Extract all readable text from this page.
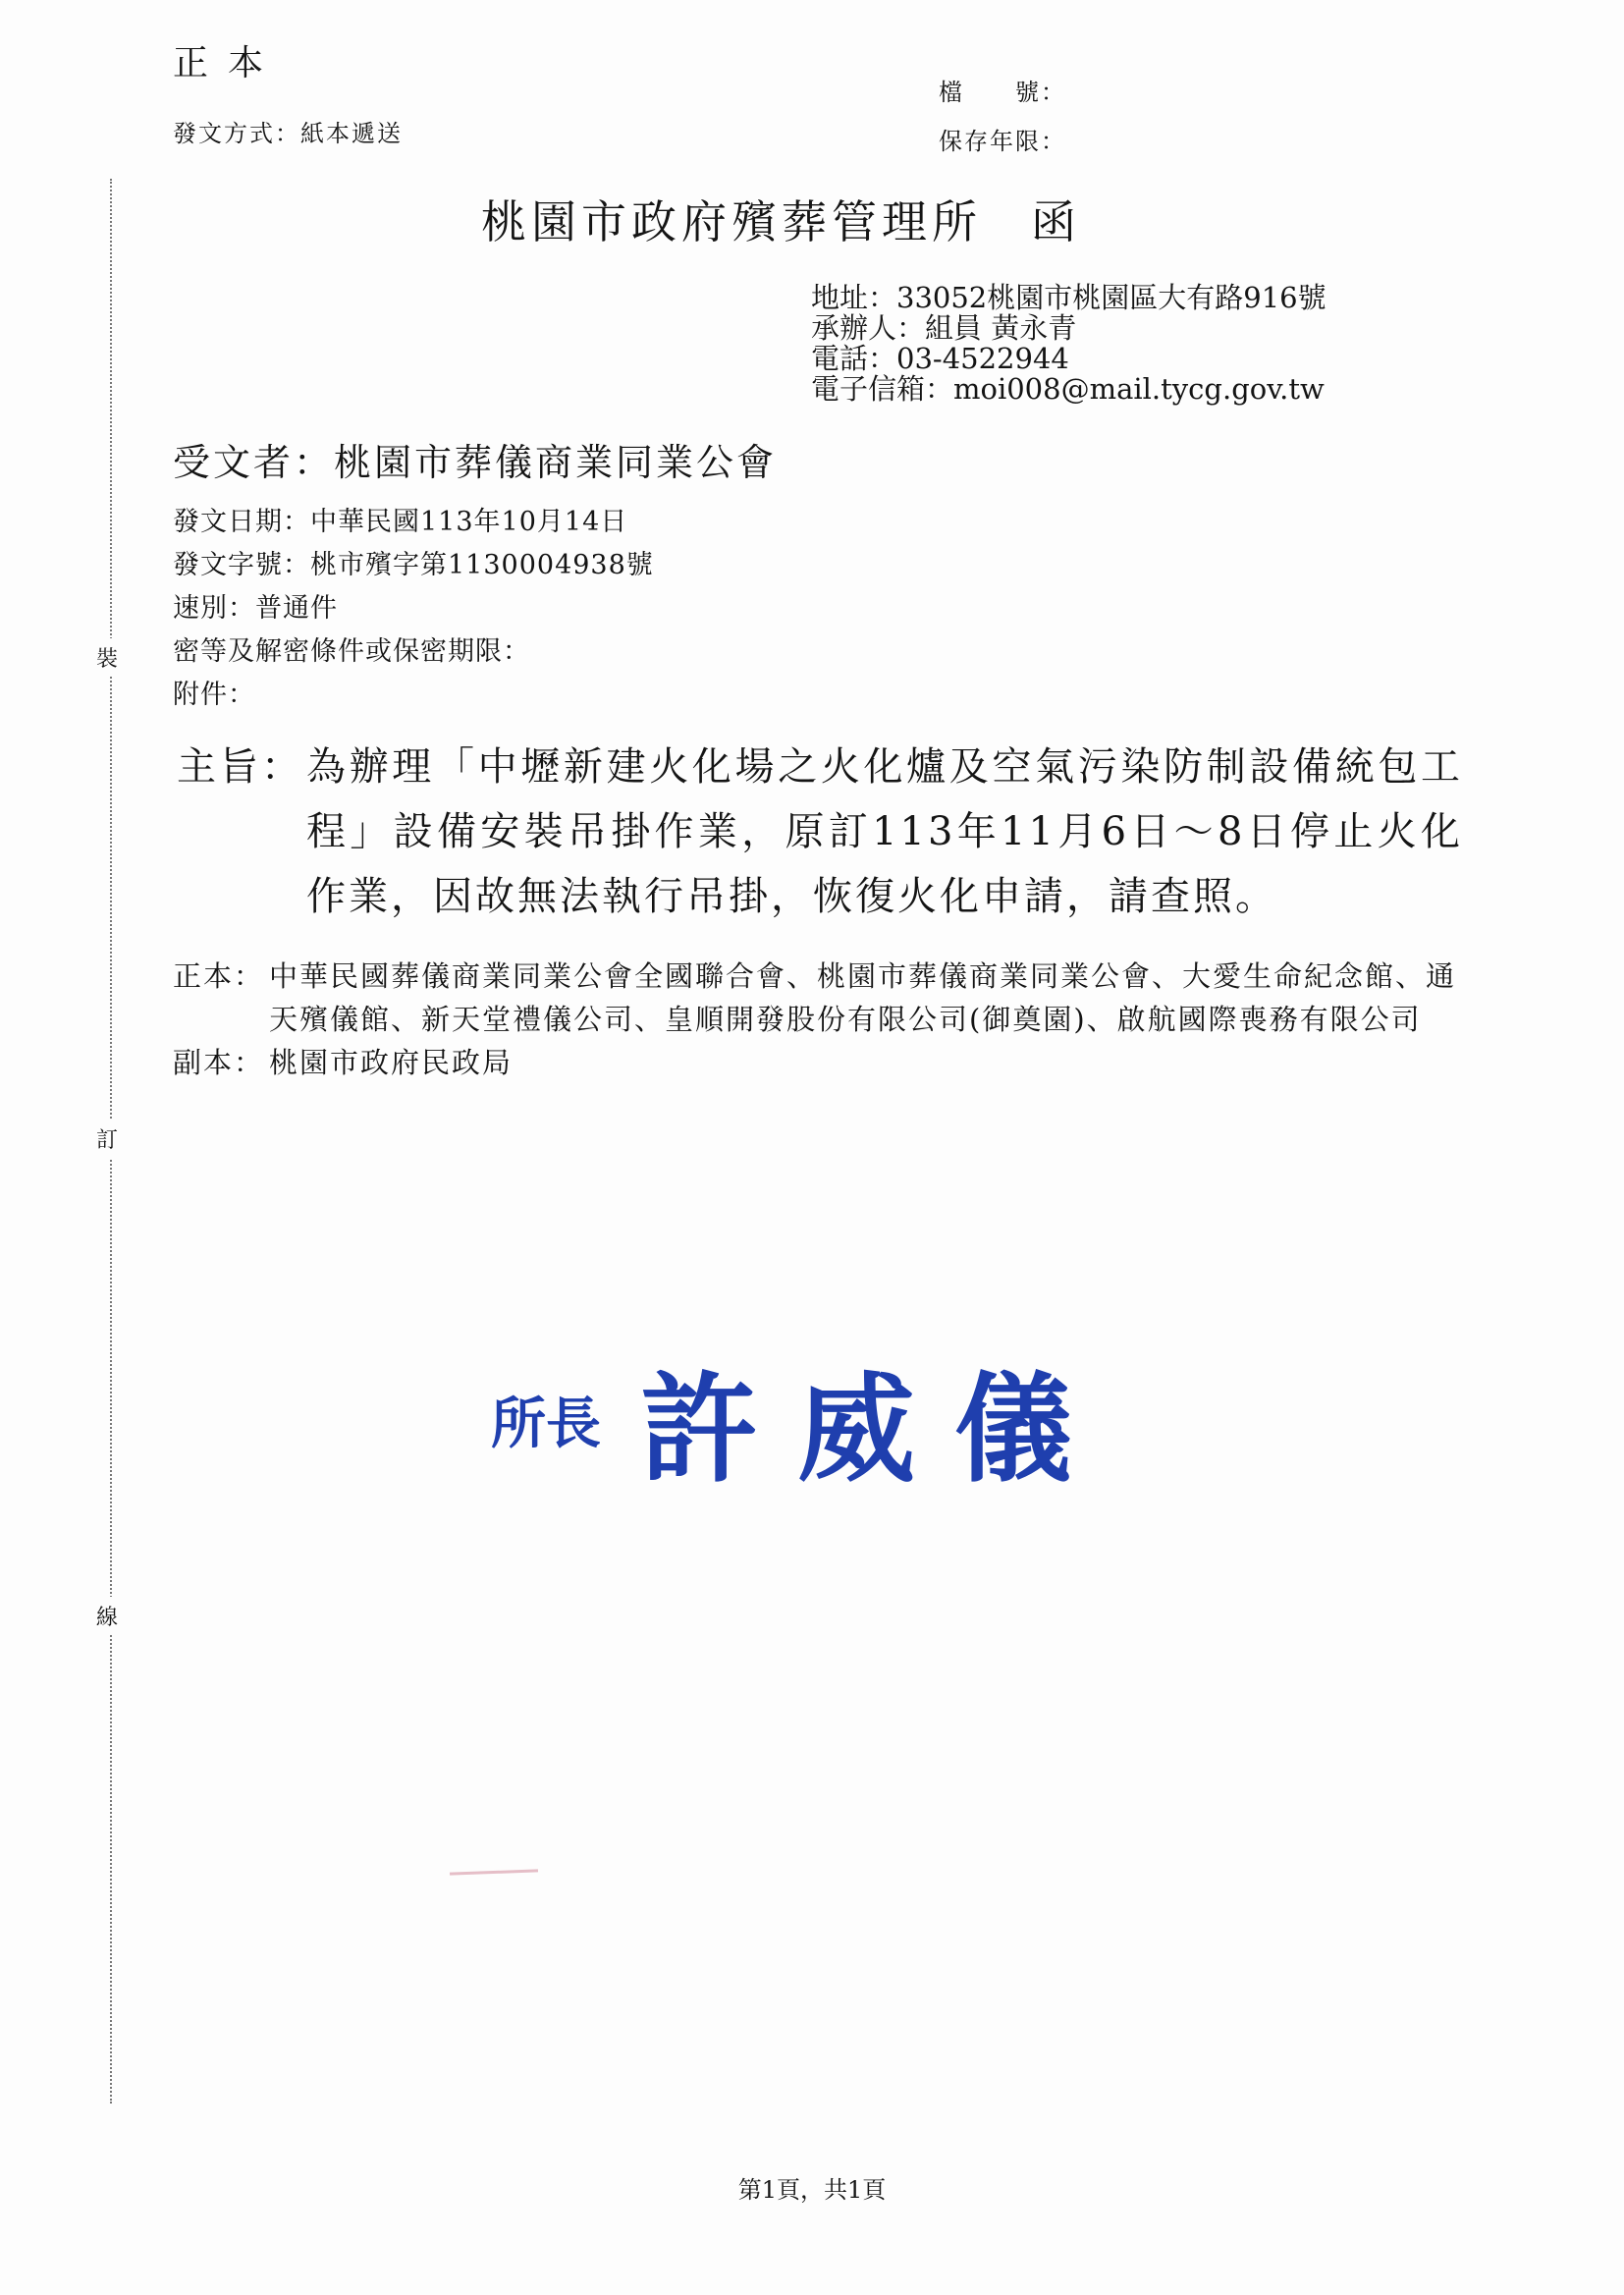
正本
發文方式：紙本遞送
檔　　號：
保存年限：
裝
訂
線
桃園市政府殯葬管理所 函
地址：33052桃園市桃園區大有路916號
承辦人：組員 黃永青
電話：03-4522944
電子信箱：moi008@mail.tycg.gov.tw
受文者：桃園市葬儀商業同業公會
發文日期：中華民國113年10月14日
發文字號：桃市殯字第1130004938號
速別：普通件
密等及解密條件或保密期限：
附件：
主旨： 為辦理「中壢新建火化場之火化爐及空氣污染防制設備統包工程」設備安裝吊掛作業，原訂113年11月6日～8日停止火化作業，因故無法執行吊掛，恢復火化申請，請查照。
正本： 中華民國葬儀商業同業公會全國聯合會、桃園市葬儀商業同業公會、大愛生命紀念館、通天殯儀館、新天堂禮儀公司、皇順開發股份有限公司(御奠園)、啟航國際喪務有限公司
副本： 桃園市政府民政局
所長 許威儀
第1頁，共1頁
